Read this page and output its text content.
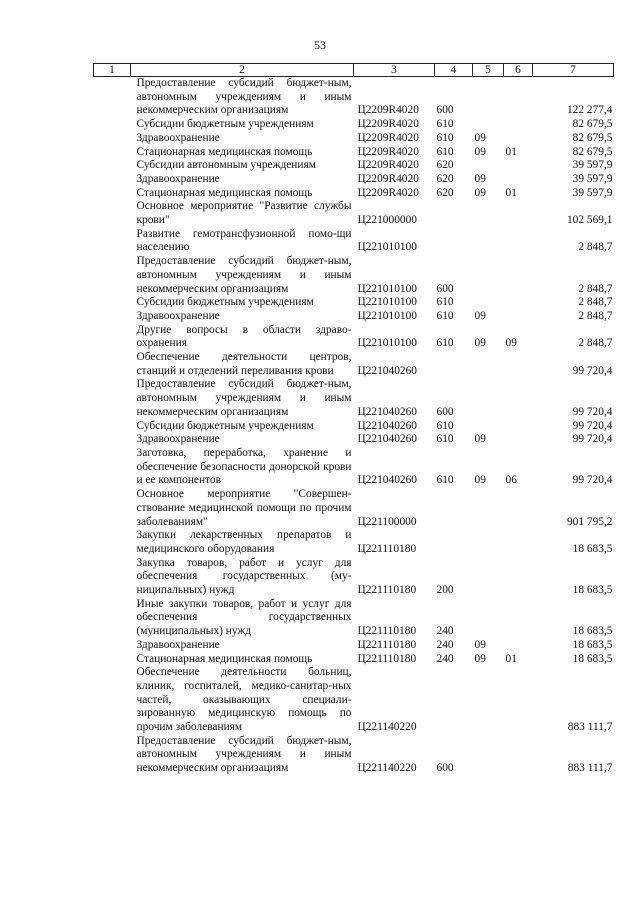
53
1	2	3	4	5	6	7
	Предоставление субсидий бюджет-ным, автономным учреждениям и иным некоммерческим организациям	Ц2209R4020	600			122 277,4
	Субсидии бюджетным учреждениям	Ц2209R4020	610			82 679,5
	Здравоохранение	Ц2209R4020	610	09		82 679,5
	Стационарная медицинская помощь	Ц2209R4020	610	09	01	82 679,5
	Субсидии автономным учреждениям	Ц2209R4020	620			39 597,9
	Здравоохранение	Ц2209R4020	620	09		39 597,9
	Стационарная медицинская помощь	Ц2209R4020	620	09	01	39 597,9
	Основное мероприятие "Развитие службы крови"	Ц221000000				102 569,1
	Развитие гемотрансфузионной помо-щи населению	Ц221010100				2 848,7
	Предоставление субсидий бюджет-ным, автономным учреждениям и иным некоммерческим организациям	Ц221010100	600			2 848,7
	Субсидии бюджетным учреждениям	Ц221010100	610			2 848,7
	Здравоохранение	Ц221010100	610	09		2 848,7
	Другие вопросы в области здраво-охранения	Ц221010100	610	09	09	2 848,7
	Обеспечение деятельности центров, станций и отделений переливания крови	Ц221040260				99 720,4
	Предоставление субсидий бюджет-ным, автономным учреждениям и иным некоммерческим организациям	Ц221040260	600			99 720,4
	Субсидии бюджетным учреждениям	Ц221040260	610			99 720,4
	Здравоохранение	Ц221040260	610	09		99 720,4
	Заготовка, переработка, хранение и обеспечение безопасности донорской крови и ее компонентов	Ц221040260	610	09	06	99 720,4
	Основное мероприятие "Совершен-ствование медицинской помощи по прочим заболеваниям"	Ц221100000				901 795,2
	Закупки лекарственных препаратов и медицинского оборудования	Ц221110180				18 683,5
	Закупка товаров, работ и услуг для обеспечения государственных (му-ниципальных) нужд	Ц221110180	200			18 683,5
	Иные закупки товаров, работ и услуг для обеспечения государственных (муниципальных) нужд	Ц221110180	240			18 683,5
	Здравоохранение	Ц221110180	240	09		18 683,5
	Стационарная медицинская помощь	Ц221110180	240	09	01	18 683,5
	Обеспечение деятельности больниц, клиник, госпиталей, медико-санитар-ных частей, оказывающих специали-зированную медицинскую помощь по прочим заболеваниям	Ц221140220				883 111,7
	Предоставление субсидий бюджет-ным, автономным учреждениям и иным некоммерческим организациям	Ц221140220	600			883 111,7
